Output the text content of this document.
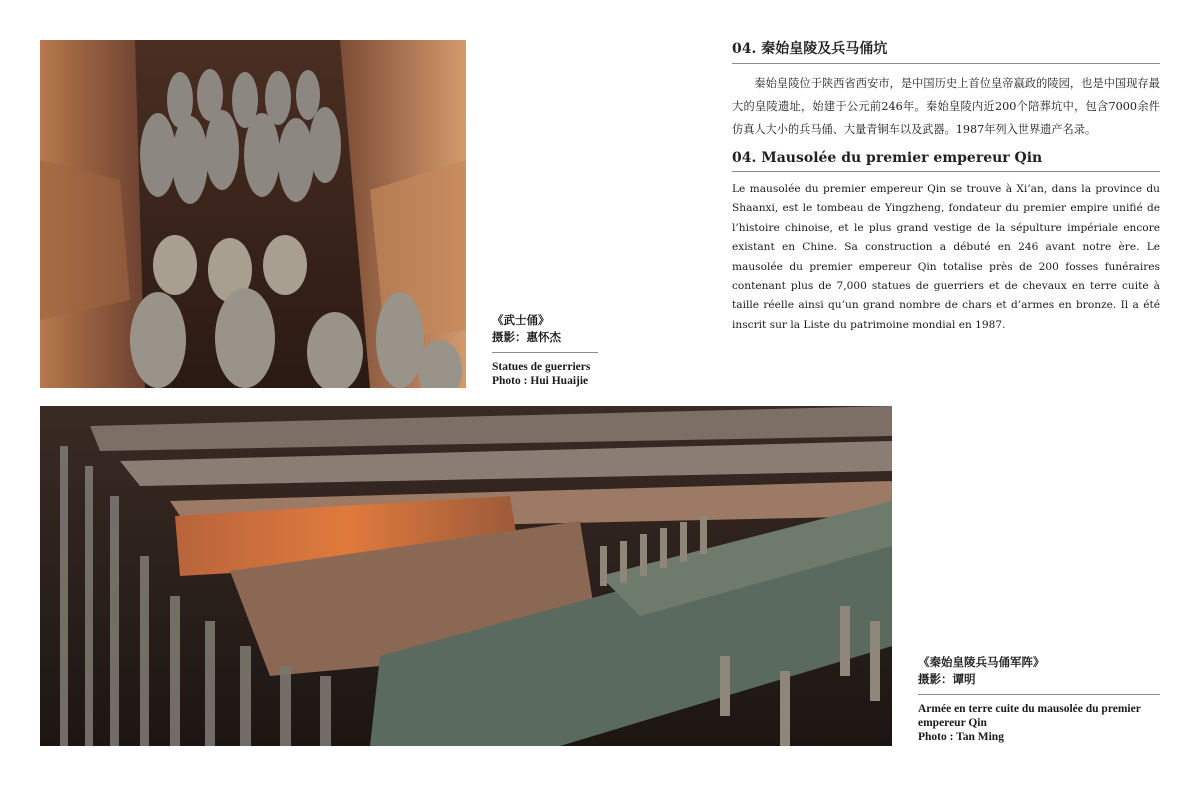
04. 秦始皇陵及兵马俑坑

秦始皇陵位于陕西省西安市，是中国历史上首位皇帝嬴政的陵园，也是中国现存最大的皇陵遗址，始建于公元前246年。秦始皇陵内近200个陪葬坑中，包含7000余件仿真人大小的兵马俑、大量青铜车以及武器。1987年列入世界遗产名录。

04. Mausolée du premier empereur Qin

Le mausolée du premier empereur Qin se trouve à Xi’an, dans la province du Shaanxi, est le tombeau de Yingzheng, fondateur du premier empire unifié de l’histoire chinoise, et le plus grand vestige de la sépulture impériale encore existant en Chine. Sa construction a débuté en 246 avant notre ère. Le mausolée du premier empereur Qin totalise près de 200 fosses funéraires contenant plus de 7,000 statues de guerriers et de chevaux en terre cuite à taille réelle ainsi qu’un grand nombre de chars et d’armes en bronze. Il a été inscrit sur la Liste du patrimoine mondial en 1987.

《武士俑》
摄影：惠怀杰
Statues de guerriers
Photo : Hui Huaijie
《秦始皇陵兵马俑军阵》
摄影：谭明
Armée en terre cuite du mausolée du premier empereur Qin
Photo : Tan Ming
